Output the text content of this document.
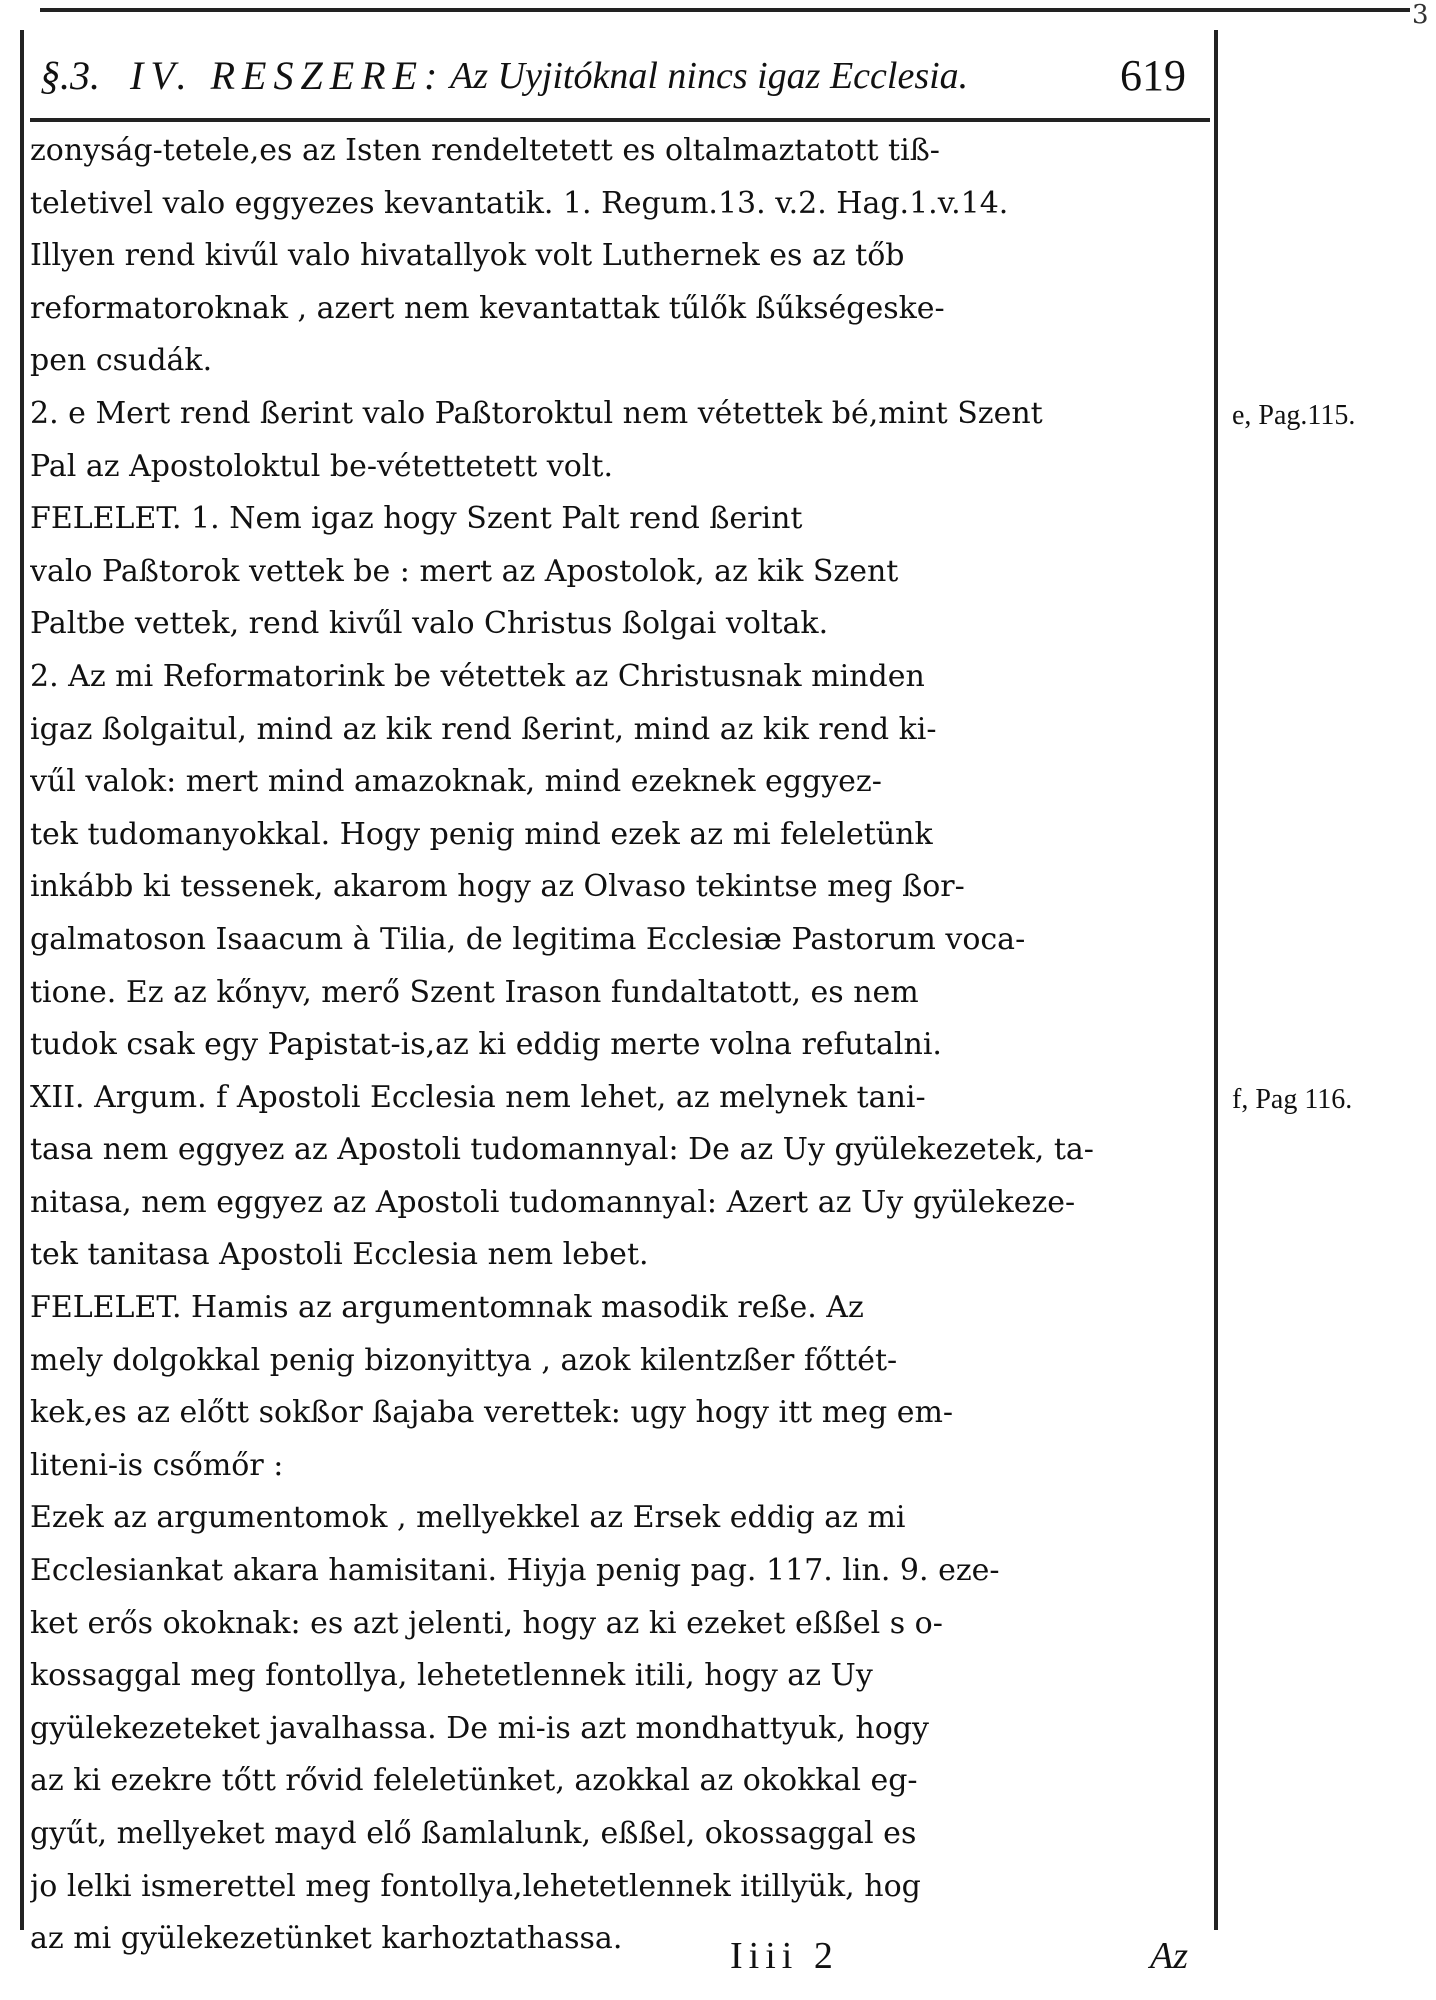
3
§.3. IV. RESZERE: Az Uyjitóknal nincs igaz Ecclesia.	619
zonyság-tetele,es az Isten rendeltetett es oltalmaztatott tiß-
teletivel valo eggyezes kevantatik. 1. Regum.13. v.2. Hag.1.v.14.
Illyen rend kivűl valo hivatallyok volt Luthernek es az tőb
reformatoroknak , azert nem kevantattak tűlők ßűkségeske-
pen csudák.
2. e Mert rend ßerint valo Paßtoroktul nem vétettek bé,mint Szent
Pal az Apostoloktul be-vétettetett volt.
FELELET. 1. Nem igaz hogy Szent Palt rend ßerint
valo Paßtorok vettek be : mert az Apostolok, az kik Szent
Paltbe vettek, rend kivűl valo Christus ßolgai voltak.
2. Az mi Reformatorink be vétettek az Christusnak minden
igaz ßolgaitul, mind az kik rend ßerint, mind az kik rend ki-
vűl valok: mert mind amazoknak, mind ezeknek eggyez-
tek tudomanyokkal. Hogy penig mind ezek az mi feleletünk
inkább ki tessenek, akarom hogy az Olvaso tekintse meg ßor-
galmatoson Isaacum à Tilia, de legitima Ecclesiæ Pastorum voca-
tione. Ez az kőnyv, merő Szent Irason fundaltatott, es nem
tudok csak egy Papistat-is,az ki eddig merte volna refutalni.
XII. Argum. f Apostoli Ecclesia nem lehet, az melynek tani-
tasa nem eggyez az Apostoli tudomannyal: De az Uy gyülekezetek, ta-
nitasa, nem eggyez az Apostoli tudomannyal: Azert az Uy gyülekeze-
tek tanitasa Apostoli Ecclesia nem lebet.
FELELET. Hamis az argumentomnak masodik reße. Az
mely dolgokkal penig bizonyittya , azok kilentzßer főttét-
kek,es az előtt sokßor ßajaba verettek: ugy hogy itt meg em-
liteni-is csőmőr :
Ezek az argumentomok , mellyekkel az Ersek eddig az mi
Ecclesiankat akara hamisitani. Hiyja penig pag. 117. lin. 9. eze-
ket erős okoknak: es azt jelenti, hogy az ki ezeket eßßel s o-
kossaggal meg fontollya, lehetetlennek itili, hogy az Uy
gyülekezeteket javalhassa. De mi-is azt mondhattyuk, hogy
az ki ezekre tőtt rővid feleletünket, azokkal az okokkal eg-
gyűt, mellyeket mayd elő ßamlalunk, eßßel, okossaggal es
jo lelki ismerettel meg fontollya,lehetetlennek itillyük, hog
az mi gyülekezetünket karhoztathassa.
e, Pag.115.
f, Pag 116.
Iiii 2	Az
